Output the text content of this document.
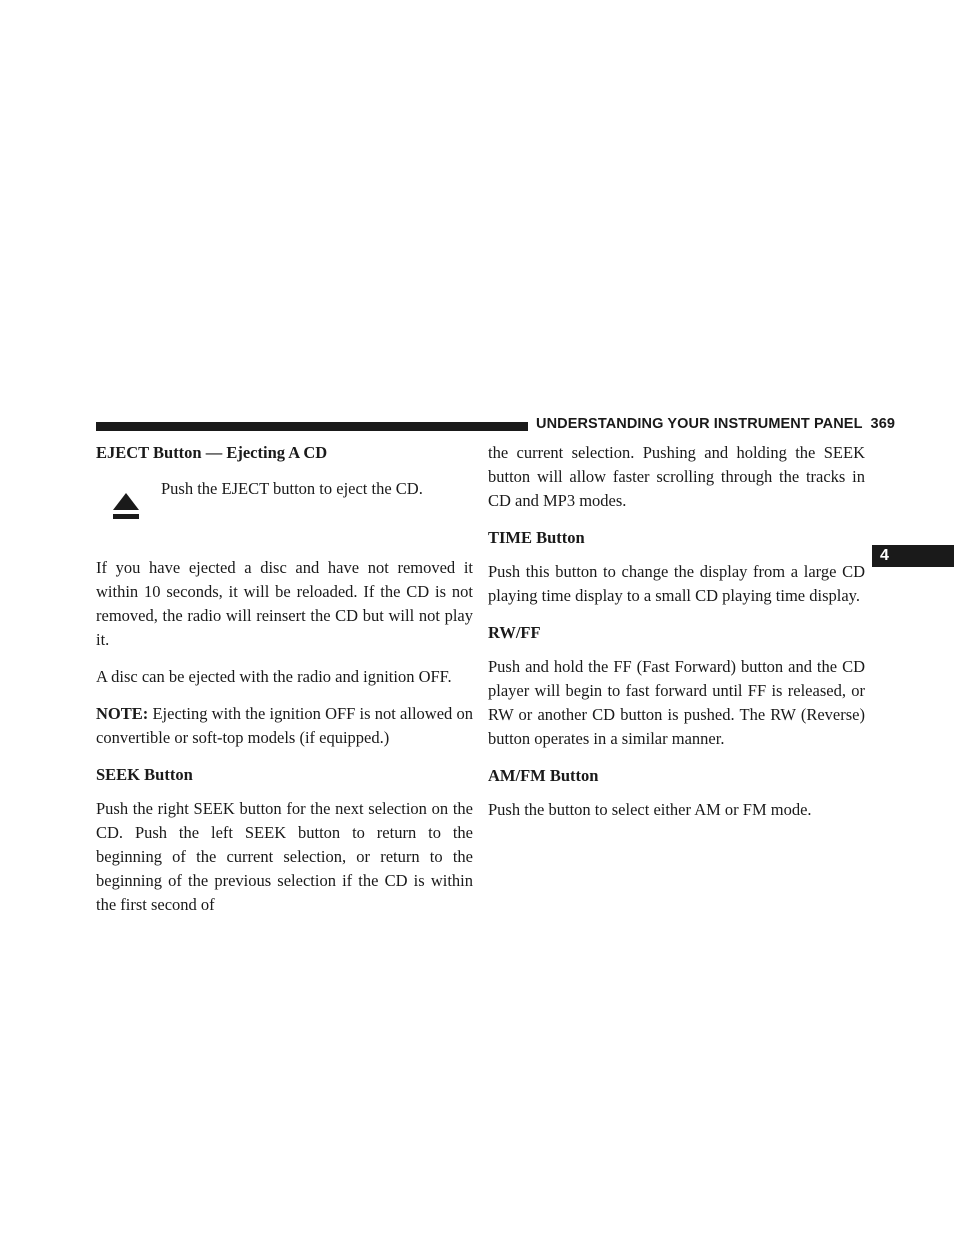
UNDERSTANDING YOUR INSTRUMENT PANEL 369
4
EJECT Button — Ejecting A CD

Push the EJECT button to eject the CD.

If you have ejected a disc and have not removed it within 10 seconds, it will be reloaded. If the CD is not removed, the radio will reinsert the CD but will not play it.

A disc can be ejected with the radio and ignition OFF.

NOTE: Ejecting with the ignition OFF is not allowed on convertible or soft-top models (if equipped.)

SEEK Button

Push the right SEEK button for the next selection on the CD. Push the left SEEK button to return to the beginning of the current selection, or return to the beginning of the previous selection if the CD is within the first second of

the current selection. Pushing and holding the SEEK button will allow faster scrolling through the tracks in CD and MP3 modes.

TIME Button

Push this button to change the display from a large CD playing time display to a small CD playing time display.

RW/FF

Push and hold the FF (Fast Forward) button and the CD player will begin to fast forward until FF is released, or RW or another CD button is pushed. The RW (Reverse) button operates in a similar manner.

AM/FM Button

Push the button to select either AM or FM mode.
